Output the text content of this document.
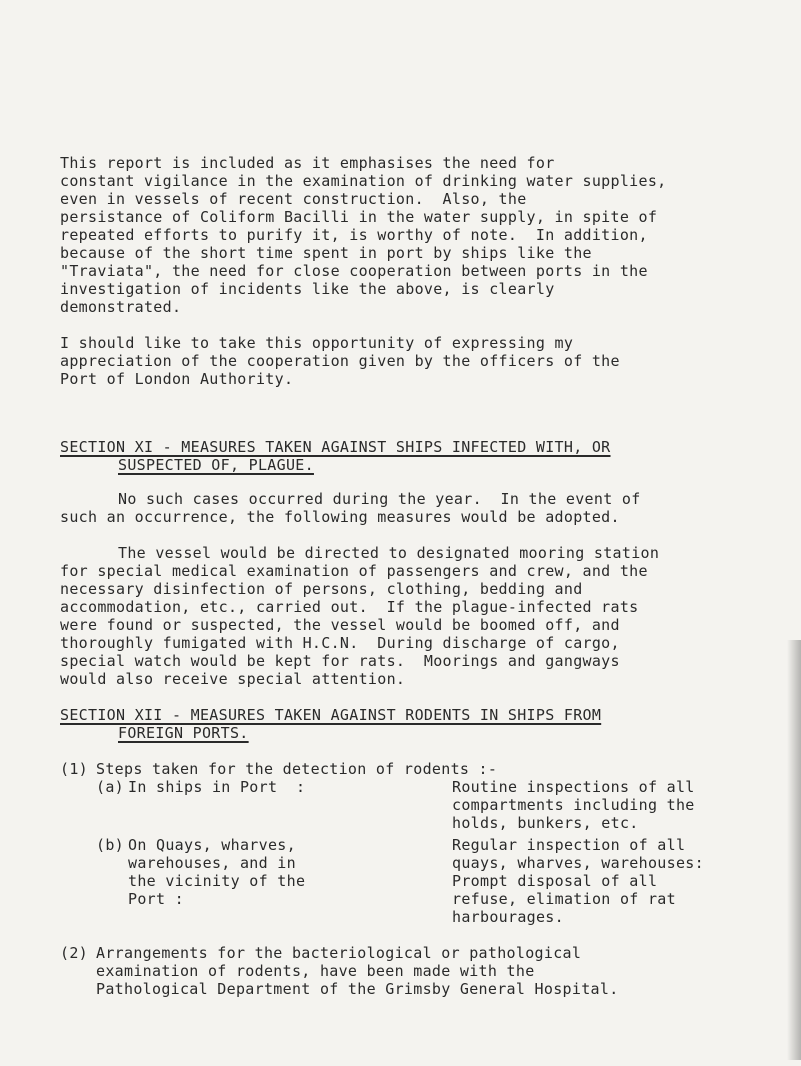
This report is included as it emphasises the need for
constant vigilance in the examination of drinking water supplies,
even in vessels of recent construction.  Also, the
persistance of Coliform Bacilli in the water supply, in spite of
repeated efforts to purify it, is worthy of note.  In addition,
because of the short time spent in port by ships like the
"Traviata", the need for close cooperation between ports in the
investigation of incidents like the above, is clearly
demonstrated.
I should like to take this opportunity of expressing my
appreciation of the cooperation given by the officers of the
Port of London Authority.
SECTION XI - MEASURES TAKEN AGAINST SHIPS INFECTED WITH, OR
SUSPECTED OF, PLAGUE.
No such cases occurred during the year.  In the event of
such an occurrence, the following measures would be adopted.
The vessel would be directed to designated mooring station
for special medical examination of passengers and crew, and the
necessary disinfection of persons, clothing, bedding and
accommodation, etc., carried out.  If the plague-infected rats
were found or suspected, the vessel would be boomed off, and
thoroughly fumigated with H.C.N.  During discharge of cargo,
special watch would be kept for rats.  Moorings and gangways
would also receive special attention.
SECTION XII - MEASURES TAKEN AGAINST RODENTS IN SHIPS FROM
FOREIGN PORTS.
(1) Steps taken for the detection of rodents :-
(a) In ships in Port  :	Routine inspections of all
compartments including the
holds, bunkers, etc.
(b) On Quays, wharves,
warehouses, and in
the vicinity of the
Port :
Regular inspection of all
quays, wharves, warehouses:
Prompt disposal of all
refuse, elimation of rat
harbourages.
(2) Arrangements for the bacteriological or pathological
examination of rodents, have been made with the
Pathological Department of the Grimsby General Hospital.
